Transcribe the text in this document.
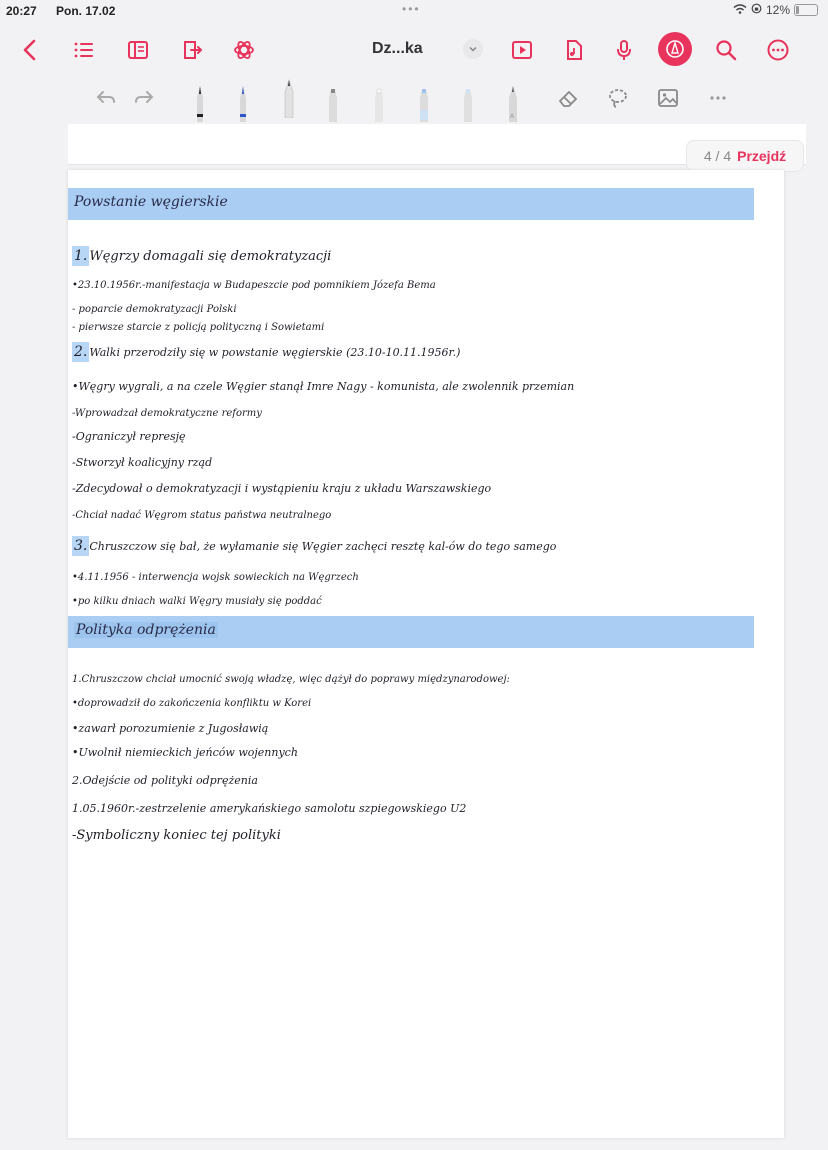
20:27 Pon. 17.02	•••	12%
Dz...ka
A
4 / 4 Przejdź
Powstanie węgierskie
1. Węgrzy domagali się demokratyzacji
•23.10.1956r.-manifestacja w Budapeszcie pod pomnikiem Józefa Bema
- poparcie demokratyzacji Polski
- pierwsze starcie z policją polityczną i Sowietami
2. Walki przerodziły się w powstanie węgierskie (23.10-10.11.1956r.)
•Węgry wygrali, a na czele Węgier stanął Imre Nagy - komunista, ale zwolennik przemian
-Wprowadzał demokratyczne reformy
-Ograniczył represję
-Stworzył koalicyjny rząd
-Zdecydował o demokratyzacji i wystąpieniu kraju z układu Warszawskiego
-Chciał nadać Węgrom status państwa neutralnego
3. Chruszczow się bał, że wyłamanie się Węgier zachęci resztę kal-ów do tego samego
•4.11.1956 - interwencja wojsk sowieckich na Węgrzech
•po kilku dniach walki Węgry musiały się poddać
Polityka odprężenia
1.Chruszczow chciał umocnić swoją władzę, więc dążył do poprawy międzynarodowej:
•doprowadził do zakończenia konfliktu w Korei
•zawarł porozumienie z Jugosławią
•Uwolnił niemieckich jeńców wojennych
2.Odejście od polityki odprężenia
1.05.1960r.-zestrzelenie amerykańskiego samolotu szpiegowskiego U2
-Symboliczny koniec tej polityki
